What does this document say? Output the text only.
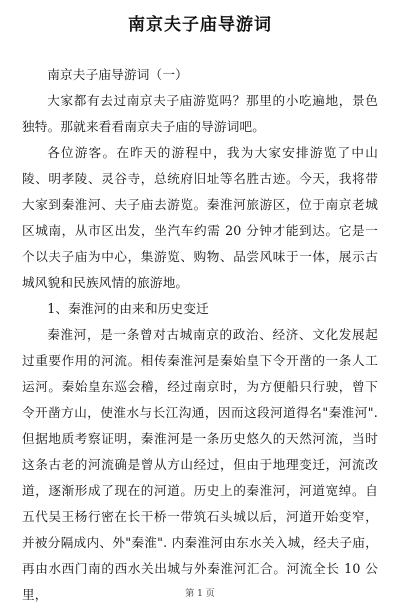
南京夫子庙导游词

南京夫子庙导游词（一）

大家都有去过南京夫子庙游览吗？那里的小吃遍地，景色独特。那就来看看南京夫子庙的导游词吧。

各位游客。在昨天的游程中，我为大家安排游览了中山陵、明孝陵、灵谷寺，总统府旧址等名胜古迹。今天，我将带大家到秦淮河、夫子庙去游览。秦淮河旅游区，位于南京老城区城南，从市区出发，坐汽车约需 20 分钟才能到达。它是一个以夫子庙为中心，集游览、购物、品尝风味于一体，展示古城风貌和民族风情的旅游地。

1、秦淮河的由来和历史变迁

秦淮河，是一条曾对古城南京的政治、经济、文化发展起过重要作用的河流。相传秦淮河是秦始皇下令开凿的一条人工运河。秦始皇东巡会稽，经过南京时，为方便船只行驶，曾下令开凿方山，使淮水与长江沟通，因而这段河道得名"秦淮河". 但据地质考察证明，秦淮河是一条历史悠久的天然河流，当时这条古老的河流确是曾从方山经过，但由于地理变迁，河流改道，逐渐形成了现在的河道。历史上的秦淮河，河道宽绰。自五代吴王杨行密在长干桥一带筑石头城以后，河道开始变窄，并被分隔成内、外"秦淮". 内秦淮河由东水关入城，经夫子庙，再由水西门南的西水关出城与外秦淮河汇合。河流全长 10 公里，	第 1 页
